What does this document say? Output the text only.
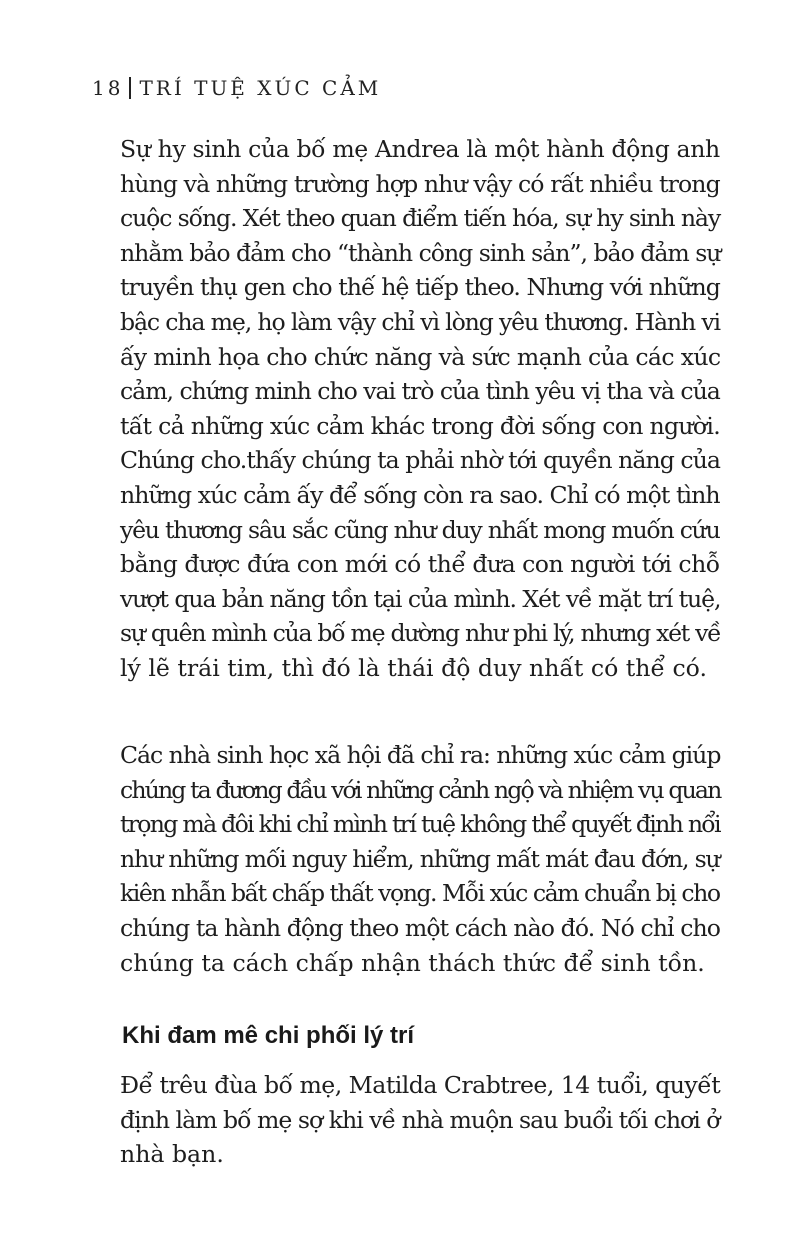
18 TRÍ TUỆ XÚC CẢM

Sự hy sinh của bố mẹ Andrea là một hành động anh
hùng và những trường hợp như vậy có rất nhiều trong
cuộc sống. Xét theo quan điểm tiến hóa, sự hy sinh này
nhằm bảo đảm cho “thành công sinh sản”, bảo đảm sự
truyền thụ gen cho thế hệ tiếp theo. Nhưng với những
bậc cha mẹ, họ làm vậy chỉ vì lòng yêu thương. Hành vi
ấy minh họa cho chức năng và sức mạnh của các xúc
cảm, chứng minh cho vai trò của tình yêu vị tha và của
tất cả những xúc cảm khác trong đời sống con người.
Chúng cho.thấy chúng ta phải nhờ tới quyền năng của
những xúc cảm ấy để sống còn ra sao. Chỉ có một tình
yêu thương sâu sắc cũng như duy nhất mong muốn cứu
bằng được đứa con mới có thể đưa con người tới chỗ
vượt qua bản năng tồn tại của mình. Xét về mặt trí tuệ,
sự quên mình của bố mẹ dường như phi lý, nhưng xét về
lý lẽ trái tim, thì đó là thái độ duy nhất có thể có.

Các nhà sinh học xã hội đã chỉ ra: những xúc cảm giúp
chúng ta đương đầu với những cảnh ngộ và nhiệm vụ quan
trọng mà đôi khi chỉ mình trí tuệ không thể quyết định nổi
như những mối nguy hiểm, những mất mát đau đớn, sự
kiên nhẫn bất chấp thất vọng. Mỗi xúc cảm chuẩn bị cho
chúng ta hành động theo một cách nào đó. Nó chỉ cho
chúng ta cách chấp nhận thách thức để sinh tồn.

Khi đam mê chi phối lý trí

Để trêu đùa bố mẹ, Matilda Crabtree, 14 tuổi, quyết
định làm bố mẹ sợ khi về nhà muộn sau buổi tối chơi ở
nhà bạn.
